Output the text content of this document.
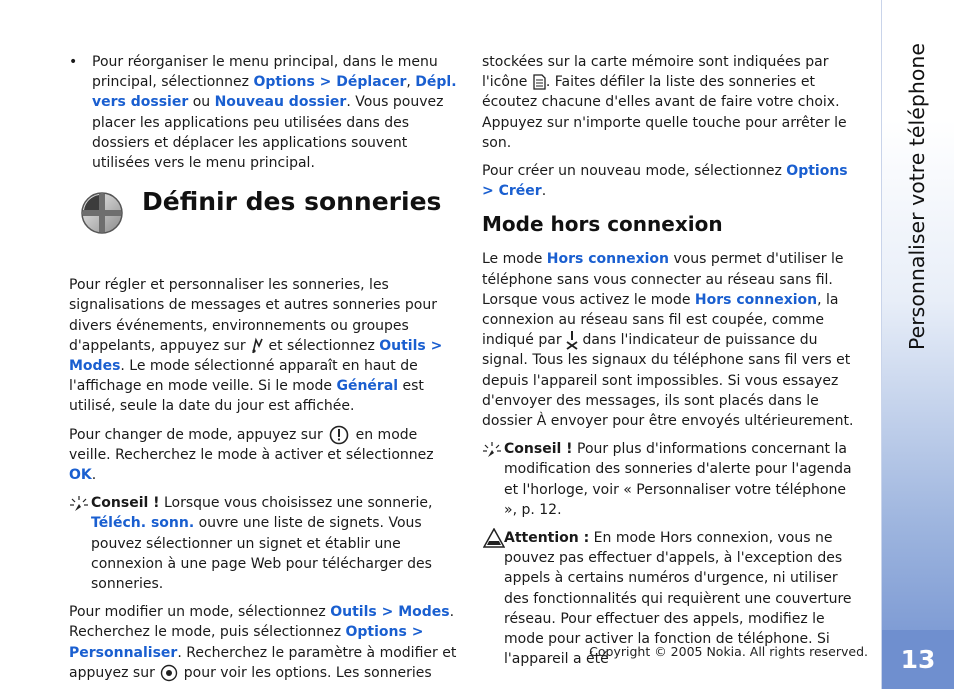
• Pour réorganiser le menu principal, dans le menu principal, sélectionnez Options > Déplacer, Dépl. vers dossier ou Nouveau dossier. Vous pouvez placer les applications peu utilisées dans des dossiers et déplacer les applications souvent utilisées vers le menu principal.
Définir des sonneries

Pour régler et personnaliser les sonneries, les signalisations de messages et autres sonneries pour divers événements, environnements ou groupes d'appelants, appuyez sur  et sélectionnez Outils > Modes. Le mode sélectionné apparaît en haut de l'affichage en mode veille. Si le mode Général est utilisé, seule la date du jour est affichée.

Pour changer de mode, appuyez sur  en mode veille. Recherchez le mode à activer et sélectionnez OK.

Conseil ! Lorsque vous choisissez une sonnerie, Téléch. sonn. ouvre une liste de signets. Vous pouvez sélectionner un signet et établir une connexion à une page Web pour télécharger des sonneries.

Pour modifier un mode, sélectionnez Outils > Modes. Recherchez le mode, puis sélectionnez Options > Personnaliser. Recherchez le paramètre à modifier et appuyez sur  pour voir les options. Les sonneries

stockées sur la carte mémoire sont indiquées par l'icône . Faites défiler la liste des sonneries et écoutez chacune d'elles avant de faire votre choix. Appuyez sur n'importe quelle touche pour arrêter le son.

Pour créer un nouveau mode, sélectionnez Options > Créer.

Mode hors connexion

Le mode Hors connexion vous permet d'utiliser le téléphone sans vous connecter au réseau sans fil. Lorsque vous activez le mode Hors connexion, la connexion au réseau sans fil est coupée, comme indiqué par  dans l'indicateur de puissance du signal. Tous les signaux du téléphone sans fil vers et depuis l'appareil sont impossibles. Si vous essayez d'envoyer des messages, ils sont placés dans le dossier À envoyer pour être envoyés ultérieurement.

Conseil ! Pour plus d'informations concernant la modification des sonneries d'alerte pour l'agenda et l'horloge, voir « Personnaliser votre téléphone », p. 12.

Attention : En mode Hors connexion, vous ne pouvez pas effectuer d'appels, à l'exception des appels à certains numéros d'urgence, ni utiliser des fonctionnalités qui requièrent une couverture réseau. Pour effectuer des appels, modifiez le mode pour activer la fonction de téléphone. Si l'appareil a été

Copyright © 2005 Nokia. All rights reserved.
Personnaliser votre téléphone
13
